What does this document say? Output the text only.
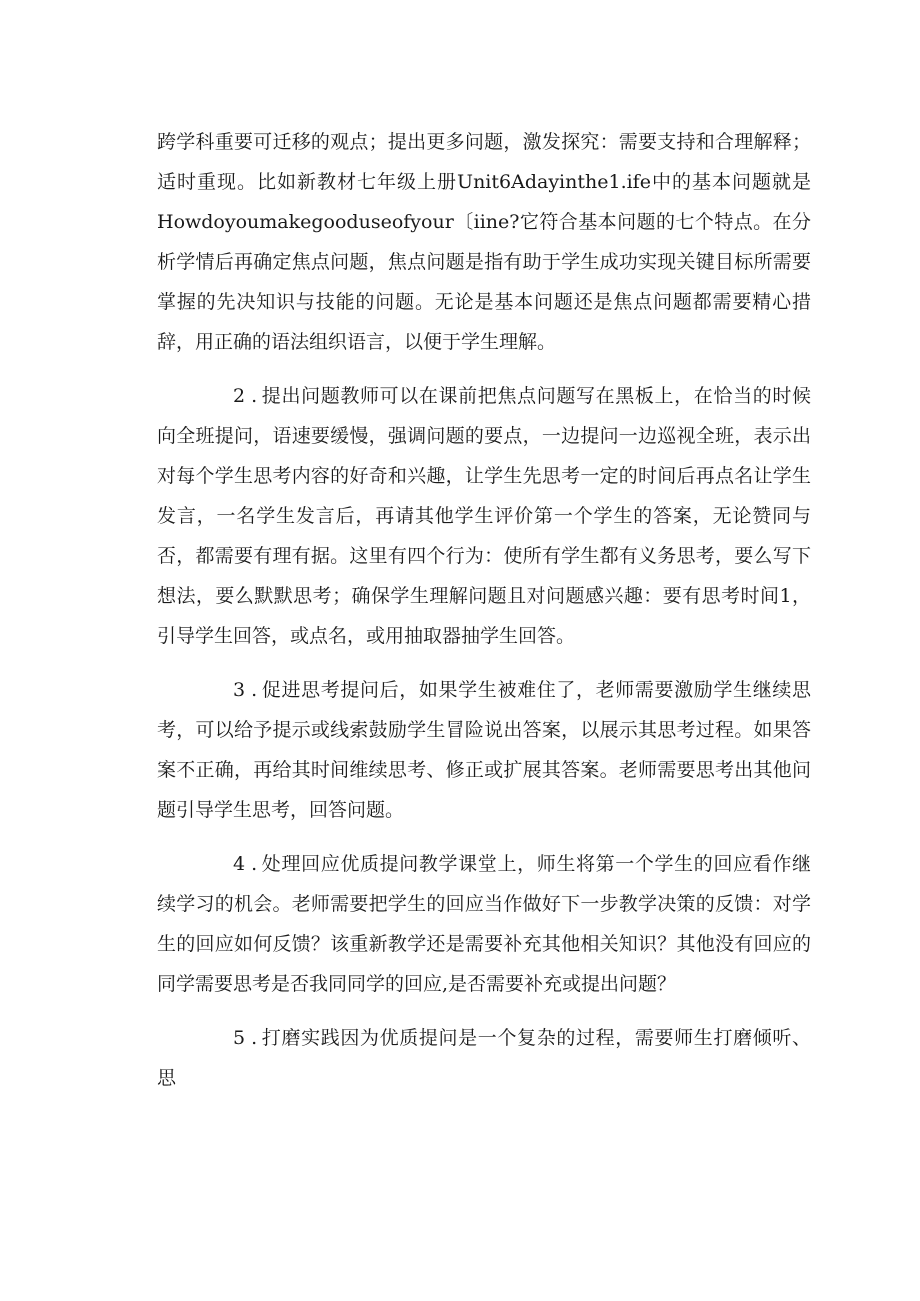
跨学科重要可迁移的观点；提出更多问题，激发探究：需要支持和合理解释；适时重现。比如新教材七年级上册Unit6Adayinthe1.ife中的基本问题就是Howdoyoumakegooduseofyour〔iine?它符合基本问题的七个特点。在分析学情后再确定焦点问题，焦点问题是指有助于学生成功实现关键目标所需要掌握的先决知识与技能的问题。无论是基本问题还是焦点问题都需要精心措辞，用正确的语法组织语言，以便于学生理解。

2 . 提出问题教师可以在课前把焦点问题写在黑板上，在恰当的时候向全班提问，语速要缓慢，强调问题的要点，一边提问一边巡视全班，表示出对每个学生思考内容的好奇和兴趣，让学生先思考一定的时间后再点名让学生发言，一名学生发言后，再请其他学生评价第一个学生的答案，无论赞同与否，都需要有理有据。这里有四个行为：使所有学生都有义务思考，要么写下想法，要么默默思考；确保学生理解问题且对问题感兴趣：要有思考时间1，引导学生回答，或点名，或用抽取器抽学生回答。

3 . 促进思考提问后，如果学生被难住了，老师需要激励学生继续思考，可以给予提示或线索鼓励学生冒险说出答案，以展示其思考过程。如果答案不正确，再给其时间维续思考、修正或扩展其答案。老师需要思考出其他问题引导学生思考，回答问题。

4 . 处理回应优质提问教学课堂上，师生将第一个学生的回应看作继续学习的机会。老师需要把学生的回应当作做好下一步教学决策的反馈：对学生的回应如何反馈？该重新教学还是需要补充其他相关知识？其他没有回应的同学需要思考是否我同同学的回应,是否需要补充或提出问题？

5 . 打磨实践因为优质提问是一个复杂的过程，需要师生打磨倾听、思
